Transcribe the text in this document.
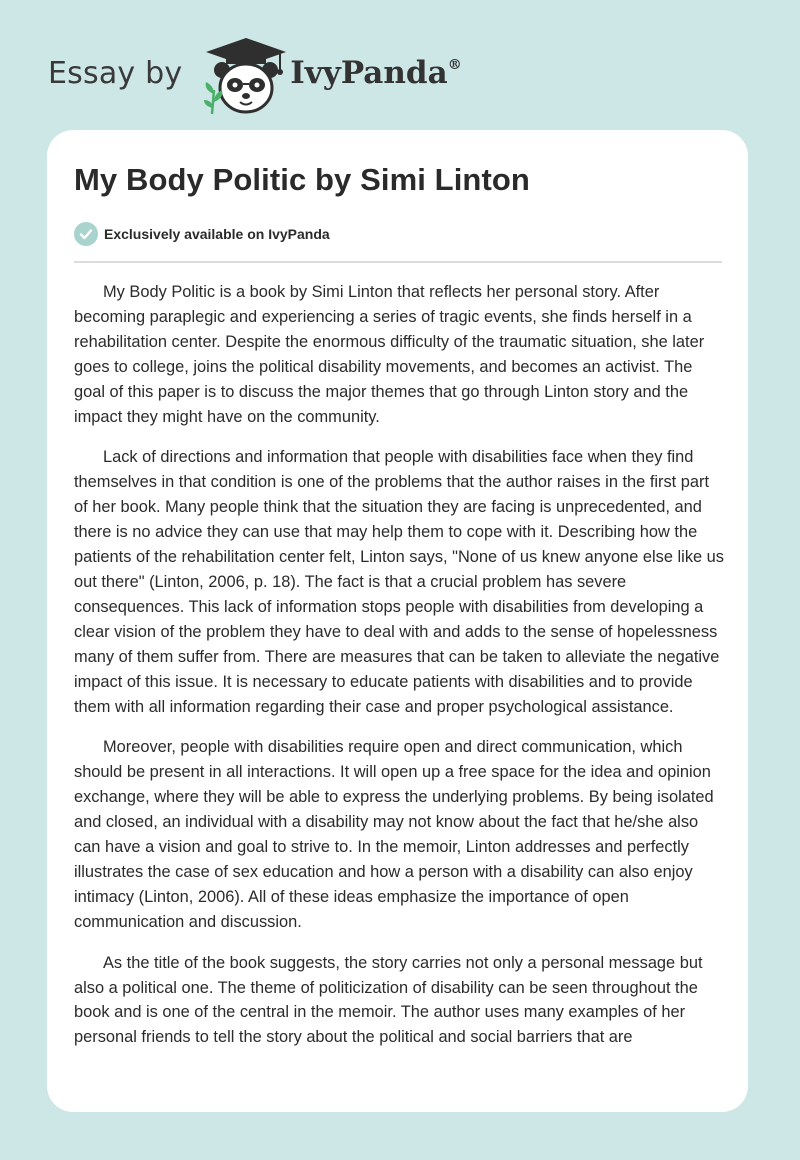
Essay by	IvyPanda®
My Body Politic by Simi Linton
Exclusively available on IvyPanda

My Body Politic is a book by Simi Linton that reflects her personal story. After becoming paraplegic and experiencing a series of tragic events, she finds herself in a rehabilitation center. Despite the enormous difficulty of the traumatic situation, she later goes to college, joins the political disability movements, and becomes an activist. The goal of this paper is to discuss the major themes that go through Linton story and the impact they might have on the community.

Lack of directions and information that people with disabilities face when they find themselves in that condition is one of the problems that the author raises in the first part of her book. Many people think that the situation they are facing is unprecedented, and there is no advice they can use that may help them to cope with it. Describing how the patients of the rehabilitation center felt, Linton says, "None of us knew anyone else like us out there" (Linton, 2006, p. 18). The fact is that a crucial problem has severe consequences. This lack of information stops people with disabilities from developing a clear vision of the problem they have to deal with and adds to the sense of hopelessness many of them suffer from. There are measures that can be taken to alleviate the negative impact of this issue. It is necessary to educate patients with disabilities and to provide them with all information regarding their case and proper psychological assistance.

Moreover, people with disabilities require open and direct communication, which should be present in all interactions. It will open up a free space for the idea and opinion exchange, where they will be able to express the underlying problems. By being isolated and closed, an individual with a disability may not know about the fact that he/she also can have a vision and goal to strive to. In the memoir, Linton addresses and perfectly illustrates the case of sex education and how a person with a disability can also enjoy intimacy (Linton, 2006). All of these ideas emphasize the importance of open communication and discussion.

As the title of the book suggests, the story carries not only a personal message but also a political one. The theme of politicization of disability can be seen throughout the book and is one of the central in the memoir. The author uses many examples of her personal friends to tell the story about the political and social barriers that are
